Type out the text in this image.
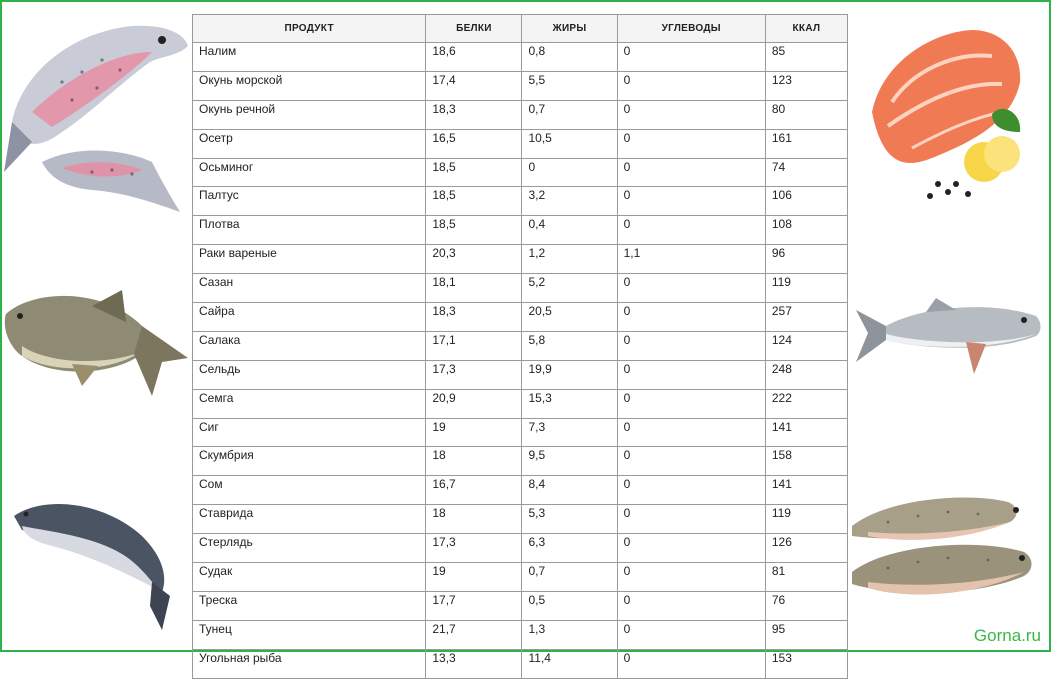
ПРОДУКТ	БЕЛКИ	ЖИРЫ	УГЛЕВОДЫ	ККАЛ
Налим	18,6	0,8	0	85
Окунь морской	17,4	5,5	0	123
Окунь речной	18,3	0,7	0	80
Осетр	16,5	10,5	0	161
Осьминог	18,5	0	0	74
Палтус	18,5	3,2	0	106
Плотва	18,5	0,4	0	108
Раки вареные	20,3	1,2	1,1	96
Сазан	18,1	5,2	0	119
Сайра	18,3	20,5	0	257
Салака	17,1	5,8	0	124
Сельдь	17,3	19,9	0	248
Семга	20,9	15,3	0	222
Сиг	19	7,3	0	141
Скумбрия	18	9,5	0	158
Сом	16,7	8,4	0	141
Ставрида	18	5,3	0	119
Стерлядь	17,3	6,3	0	126
Судак	19	0,7	0	81
Треска	17,7	0,5	0	76
Тунец	21,7	1,3	0	95
Угольная рыба	13,3	11,4	0	153
Gorna.ru
